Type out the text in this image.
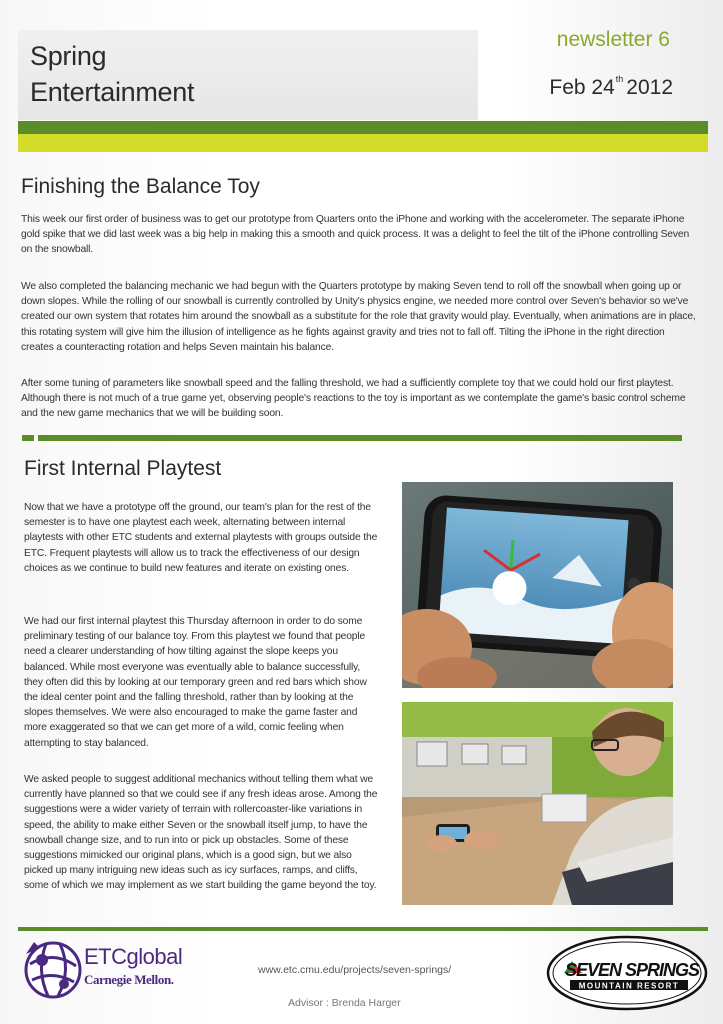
Spring
Entertainment
newsletter 6
Feb 24th 2012
Finishing the Balance Toy

This week our first order of business was to get our prototype from Quarters onto the iPhone and working with the accelerometer. The separate iPhone gold spike that we did last week was a big help in making this a smooth and quick process. It was a delight to feel the tilt of the iPhone controlling Seven on the snowball.

We also completed the balancing mechanic we had begun with the Quarters prototype by making Seven tend to roll off the snowball when going up or down slopes. While the rolling of our snowball is currently controlled by Unity's physics engine, we needed more control over Seven's behavior so we've created our own system that rotates him around the snowball as a substitute for the role that gravity would play. Eventually, when animations are in place, this rotating system will give him the illusion of intelligence as he fights against gravity and tries not to fall off. Tilting the iPhone in the right direction creates a counteracting rotation and helps Seven maintain his balance.

After some tuning of parameters like snowball speed and the falling threshold, we had a sufficiently complete toy that we could hold our first playtest. Although there is not much of a true game yet, observing people's reactions to the toy is important as we contemplate the game's basic control scheme and the new game mechanics that we will be building soon.

First Internal Playtest

Now that we have a prototype off the ground, our team's plan for the rest of the semester is to have one playtest each week, alternating between internal playtests with other ETC students and external playtests with groups outside the ETC. Frequent playtests will allow us to track the effectiveness of our design choices as we continue to build new features and iterate on existing ones.

We had our first internal playtest this Thursday afternoon in order to do some preliminary testing of our balance toy. From this playtest we found that people need a clearer understanding of how tilting against the slope keeps you balanced. While most everyone was eventually able to balance successfully, they often did this by looking at our temporary green and red bars which show the ideal center point and the falling threshold, rather than by looking at the slopes themselves. We were also encouraged to make the game faster and more exaggerated so that we can get more of a wild, comic feeling when attempting to stay balanced.

We asked people to suggest additional mechanics without telling them what we currently have planned so that we could see if any fresh ideas arose. Among the suggestions were a wider variety of terrain with rollercoaster-like variations in speed, the ability to make either Seven or the snowball itself jump, to have the snowball change size, and to run into or pick up obstacles. Some of these suggestions mimicked our original plans, which is a good sign, but we also picked up many intriguing new ideas such as icy surfaces, ramps, and cliffs, some of which we may implement as we start building the game beyond the toy.

ETCglobal
Carnegie Mellon.
www.etc.cmu.edu/projects/seven-springs/
Advisor : Brenda Harger
SEVEN SPRINGS
MOUNTAIN RESORT
